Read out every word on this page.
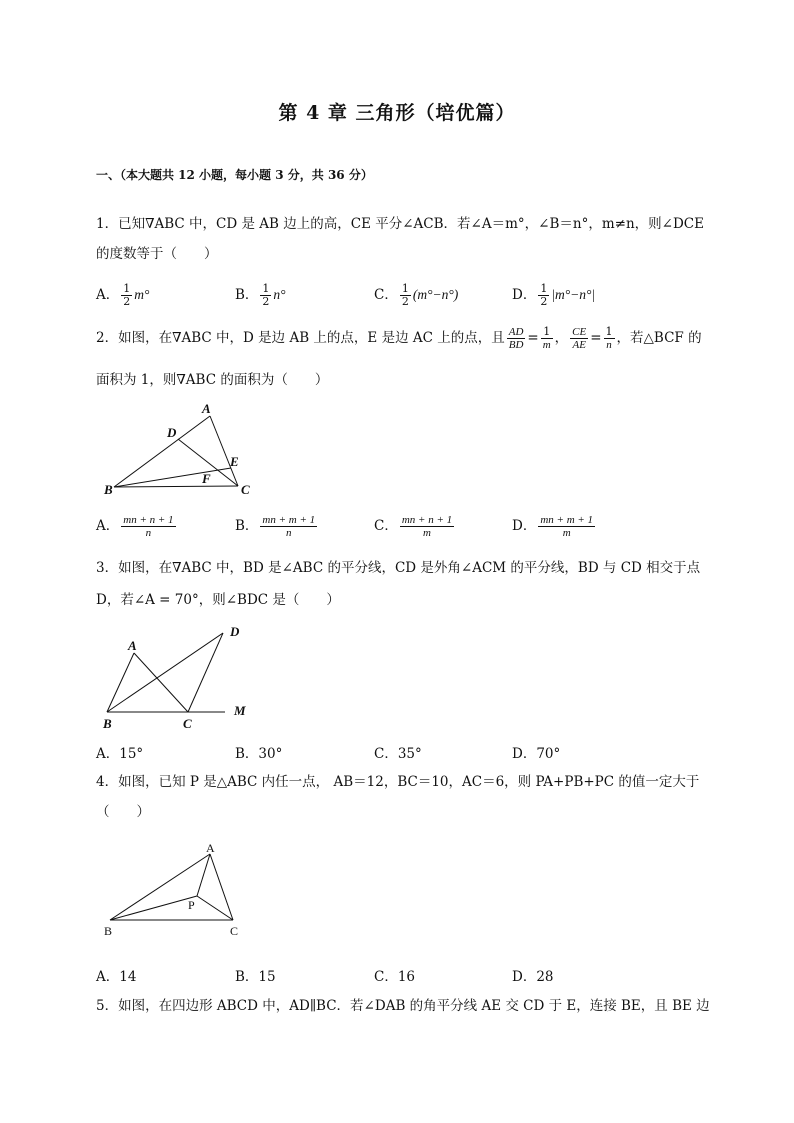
第 4 章 三角形（培优篇）
一、（本大题共 12 小题，每小题 3 分，共 36 分）
1．已知∇ABC 中，CD 是 AB 边上的高，CE 平分∠ACB．若∠A＝m°，∠B＝n°，m≠n，则∠DCE
的度数等于（　　）
A． $\frac{1}{2} m^\circ$	B． $\frac{1}{2} n^\circ$	C． $\frac{1}{2} (m^\circ-n^\circ)$	D． $\frac{1}{2} |m^\circ-n^\circ|$
2．如图，在∇ABC 中，D 是边 AB 上的点，E 是边 AC 上的点，且 $\frac{AD}{BD} = \frac{1}{m}$ ， $\frac{CE}{AE} = \frac{1}{n}$ ，若△BCF 的
面积为 1，则∇ABC 的面积为（　　）
A
D
E
F
B	C
A． $\frac{mn + n + 1}{n}$	B． $\frac{mn + m + 1}{n}$	C． $\frac{mn + n + 1}{m}$	D． $\frac{mn + m + 1}{m}$
3．如图，在∇ABC 中，BD 是∠ABC 的平分线，CD 是外角∠ACM 的平分线，BD 与 CD 相交于点
D，若∠A = 70°，则∠BDC 是（　　）
A
D
B	C
M
A．15°	B．30°	C．35°	D．70°
4．如图，已知 P 是△ABC 内任一点， AB＝12，BC＝10，AC＝6，则 PA+PB+PC 的值一定大于
（　　）
A
P
B	C
A．14	B．15	C．16	D．28
5．如图，在四边形 ABCD 中，AD∥BC．若∠DAB 的角平分线 AE 交 CD 于 E，连接 BE，且 BE 边
